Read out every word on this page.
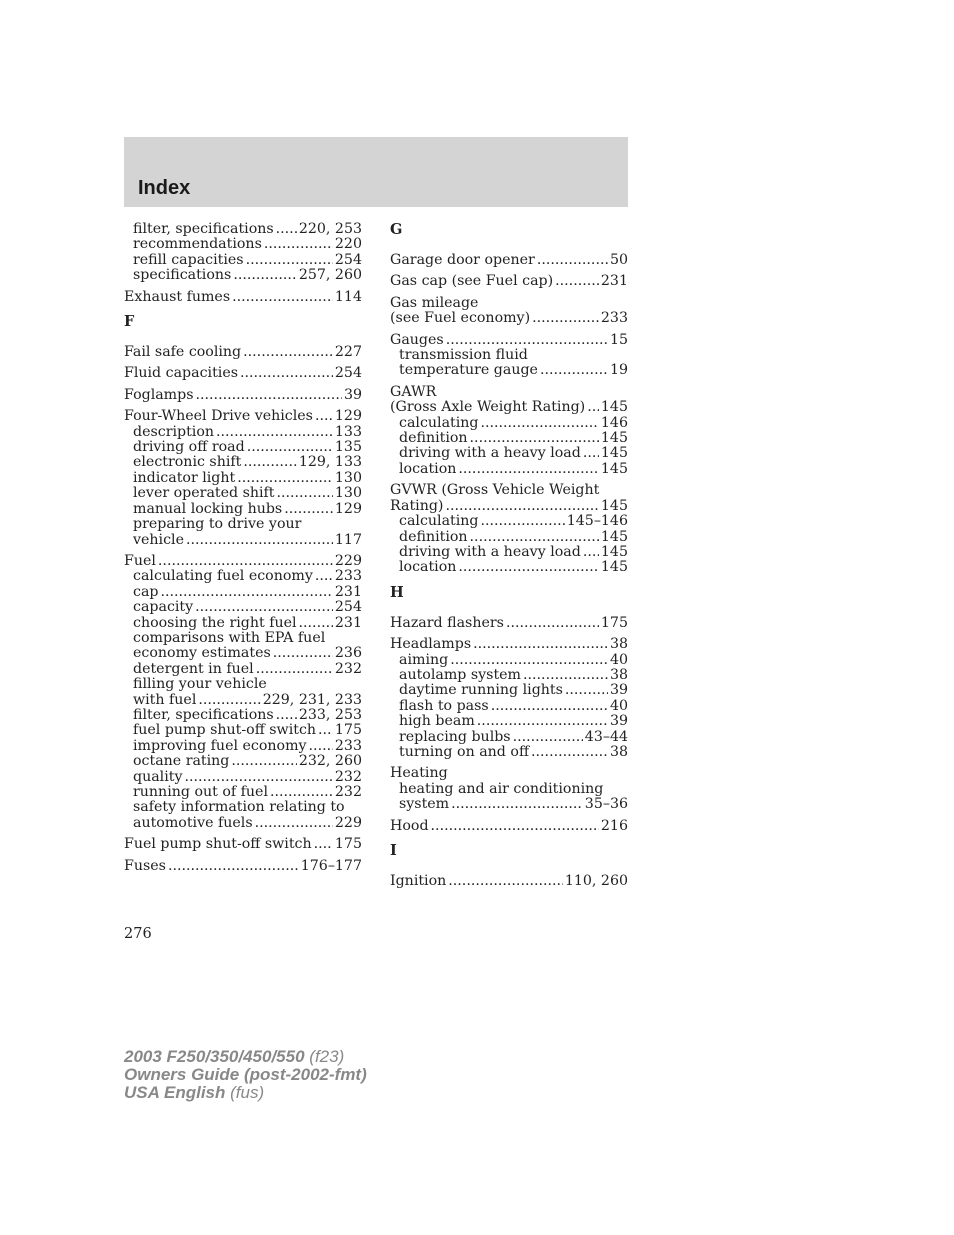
Index
filter, specifications ..... 220, 253
recommendations .....	220
refill capacities .....	254
specifications .....	257, 260
Exhaust fumes .....	114
F
Fail safe cooling .....	227
Fluid capacities .....	254
Foglamps .....	39
Four-Wheel Drive vehicles ..... 129
description .....	133
driving off road .....	135
electronic shift .....	129, 133
indicator light .....	130
lever operated shift .....	130
manual locking hubs .....	129
preparing to drive your
vehicle .....	117
Fuel .....	229
calculating fuel economy ..... 233
cap .....	231
capacity .....	254
choosing the right fuel .....	231
comparisons with EPA fuel
economy estimates .....	236
detergent in fuel .....	232
filling your vehicle
with fuel .....	229, 231, 233
filter, specifications ..... 233, 253
fuel pump shut-off switch ..... 175
improving fuel economy ..... 233
octane rating .....	232, 260
quality .....	232
running out of fuel .....	232
safety information relating to
automotive fuels .....	229
Fuel pump shut-off switch ..... 175
Fuses .....	176–177
G
Garage door opener .....	50
Gas cap (see Fuel cap) .....	231
Gas mileage
(see Fuel economy) .....	233
Gauges .....	15
transmission fluid
temperature gauge .....	19
GAWR
(Gross Axle Weight Rating) ..... 145
calculating .....	146
definition .....	145
driving with a heavy load ..... 145
location .....	145
GVWR (Gross Vehicle Weight
Rating) .....	145
calculating .....	145–146
definition .....	145
driving with a heavy load ..... 145
location .....	145
H
Hazard flashers .....	175
Headlamps .....	38
aiming .....	40
autolamp system .....	38
daytime running lights .....	39
flash to pass .....	40
high beam .....	39
replacing bulbs .....	43–44
turning on and off .....	38
Heating
heating and air conditioning
system .....	35–36
Hood .....	216
I
Ignition .....	110, 260
276
2003 F250/350/450/550 (f23)
Owners Guide (post-2002-fmt)
USA English (fus)
